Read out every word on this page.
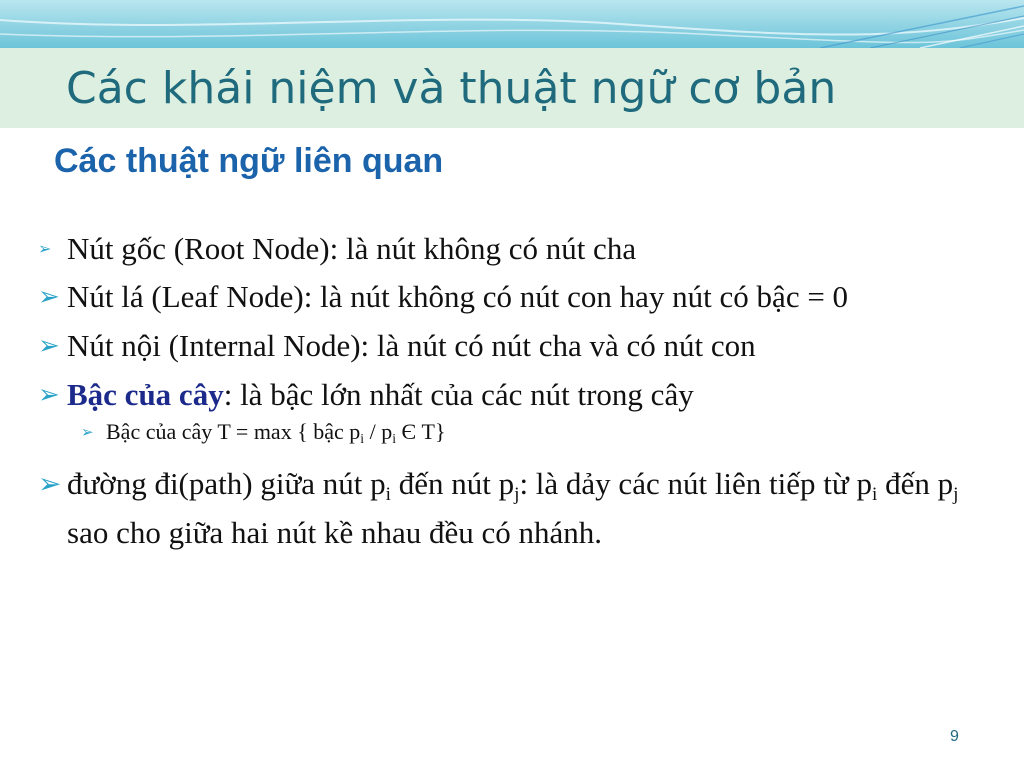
Các khái niệm và thuật ngữ cơ bản
Các thuật ngữ liên quan
➢ Nút gốc (Root Node): là nút không có nút cha
➢ Nút lá (Leaf Node): là nút không có nút con hay nút có bậc = 0
➢ Nút nội (Internal Node): là nút có nút cha và có nút con
➢ Bậc của cây: là bậc lớn nhất của các nút trong cây
➢ Bậc của cây T = max { bậc pi / pi Є T}
➢ đường đi(path) giữa nút pi đến nút pj: là dảy các nút liên tiếp từ pi đến pj sao cho giữa hai nút kề nhau đều có nhánh.
9
